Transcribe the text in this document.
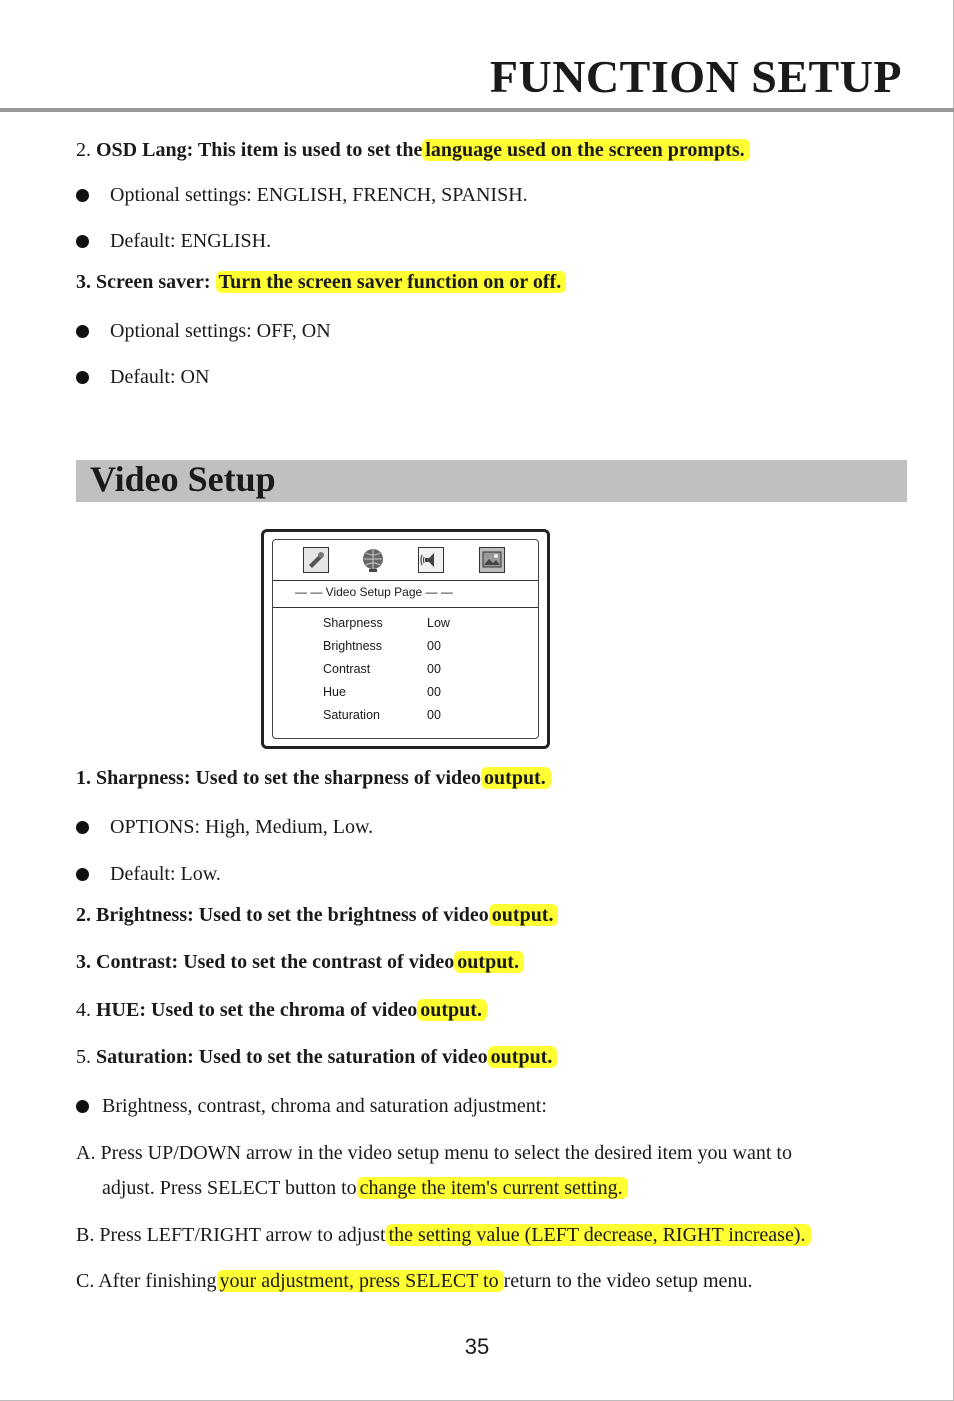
FUNCTION SETUP
2. OSD Lang: This item is used to set the language used on the screen prompts.
Optional settings: ENGLISH, FRENCH, SPANISH.
Default: ENGLISH.
3. Screen saver: Turn the screen saver function on or off.
Optional settings: OFF, ON
Default: ON
Video Setup
— — Video Setup Page — —
Sharpness	Low
Brightness	00
Contrast	00
Hue	00
Saturation	00
1. Sharpness: Used to set the sharpness of video output.
OPTIONS: High, Medium, Low.
Default: Low.
2. Brightness: Used to set the brightness of video output.
3. Contrast: Used to set the contrast of video output.
4. HUE: Used to set the chroma of video output.
5. Saturation: Used to set the saturation of video output.
Brightness, contrast, chroma and saturation adjustment:
A. Press UP/DOWN arrow in the video setup menu to select the desired item you want to
adjust. Press SELECT button to change the item's current setting.
B. Press LEFT/RIGHT arrow to adjust the setting value (LEFT decrease, RIGHT increase).
C. After finishing your adjustment, press SELECT to return to the video setup menu.
35
